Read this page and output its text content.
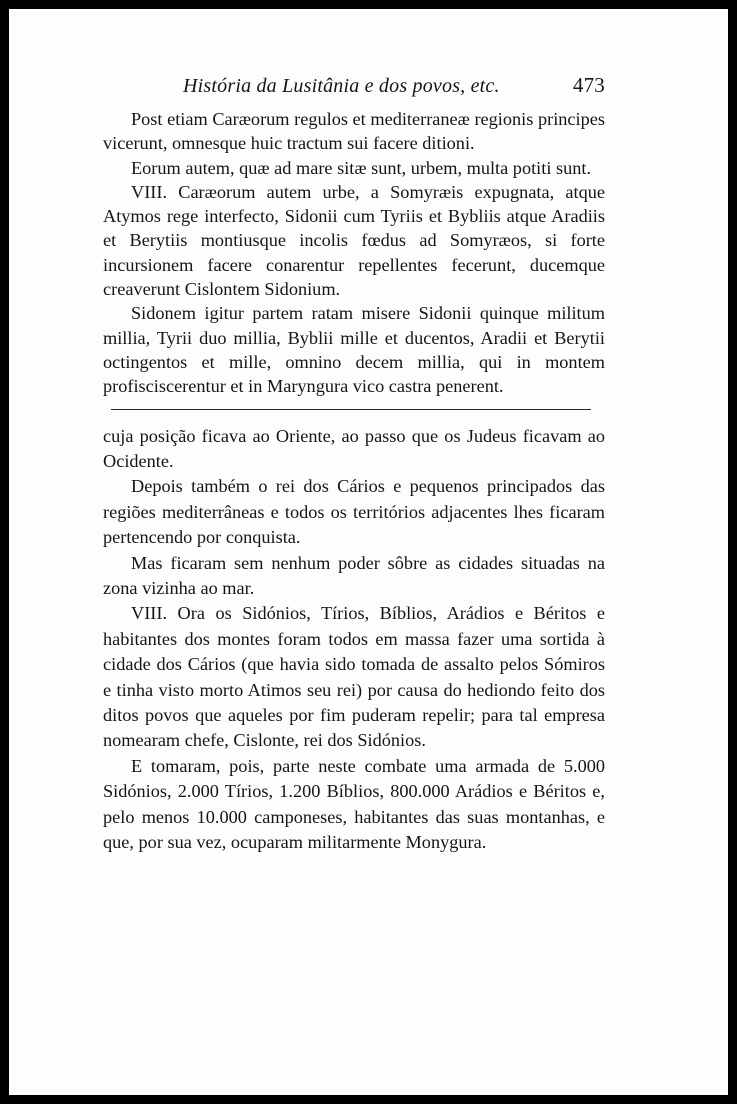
História da Lusitânia e dos povos, etc.	473

Post etiam Caræorum regulos et mediterraneæ regionis principes vicerunt, omnesque huic tractum sui facere ditioni.

Eorum autem, quæ ad mare sitæ sunt, urbem, multa potiti sunt.

VIII. Caræorum autem urbe, a Somyræis expugnata, atque Atymos rege interfecto, Sidonii cum Tyriis et Bybliis atque Aradiis et Berytiis montiusque incolis fœdus ad Somyræos, si forte incursionem facere conarentur repellentes fecerunt, ducemque creaverunt Cislontem Sidonium.

Sidonem igitur partem ratam misere Sidonii quinque militum millia, Tyrii duo millia, Byblii mille et ducentos, Aradii et Berytii octingentos et mille, omnino decem millia, qui in montem profisciscerentur et in Maryngura vico castra penerent.

cuja posição ficava ao Oriente, ao passo que os Judeus ficavam ao Ocidente.

Depois também o rei dos Cários e pequenos principados das regiões mediterrâneas e todos os territórios adjacentes lhes ficaram pertencendo por conquista.

Mas ficaram sem nenhum poder sôbre as cidades situadas na zona vizinha ao mar.

VIII. Ora os Sidónios, Tírios, Bíblios, Arádios e Béritos e habitantes dos montes foram todos em massa fazer uma sortida à cidade dos Cários (que havia sido tomada de assalto pelos Sómiros e tinha visto morto Atimos seu rei) por causa do hediondo feito dos ditos povos que aqueles por fim puderam repelir; para tal empresa nomearam chefe, Cislonte, rei dos Sidónios.

E tomaram, pois, parte neste combate uma armada de 5.000 Sidónios, 2.000 Tírios, 1.200 Bíblios, 800.000 Arádios e Béritos e, pelo menos 10.000 camponeses, habitantes das suas montanhas, e que, por sua vez, ocuparam militarmente Monygura.
